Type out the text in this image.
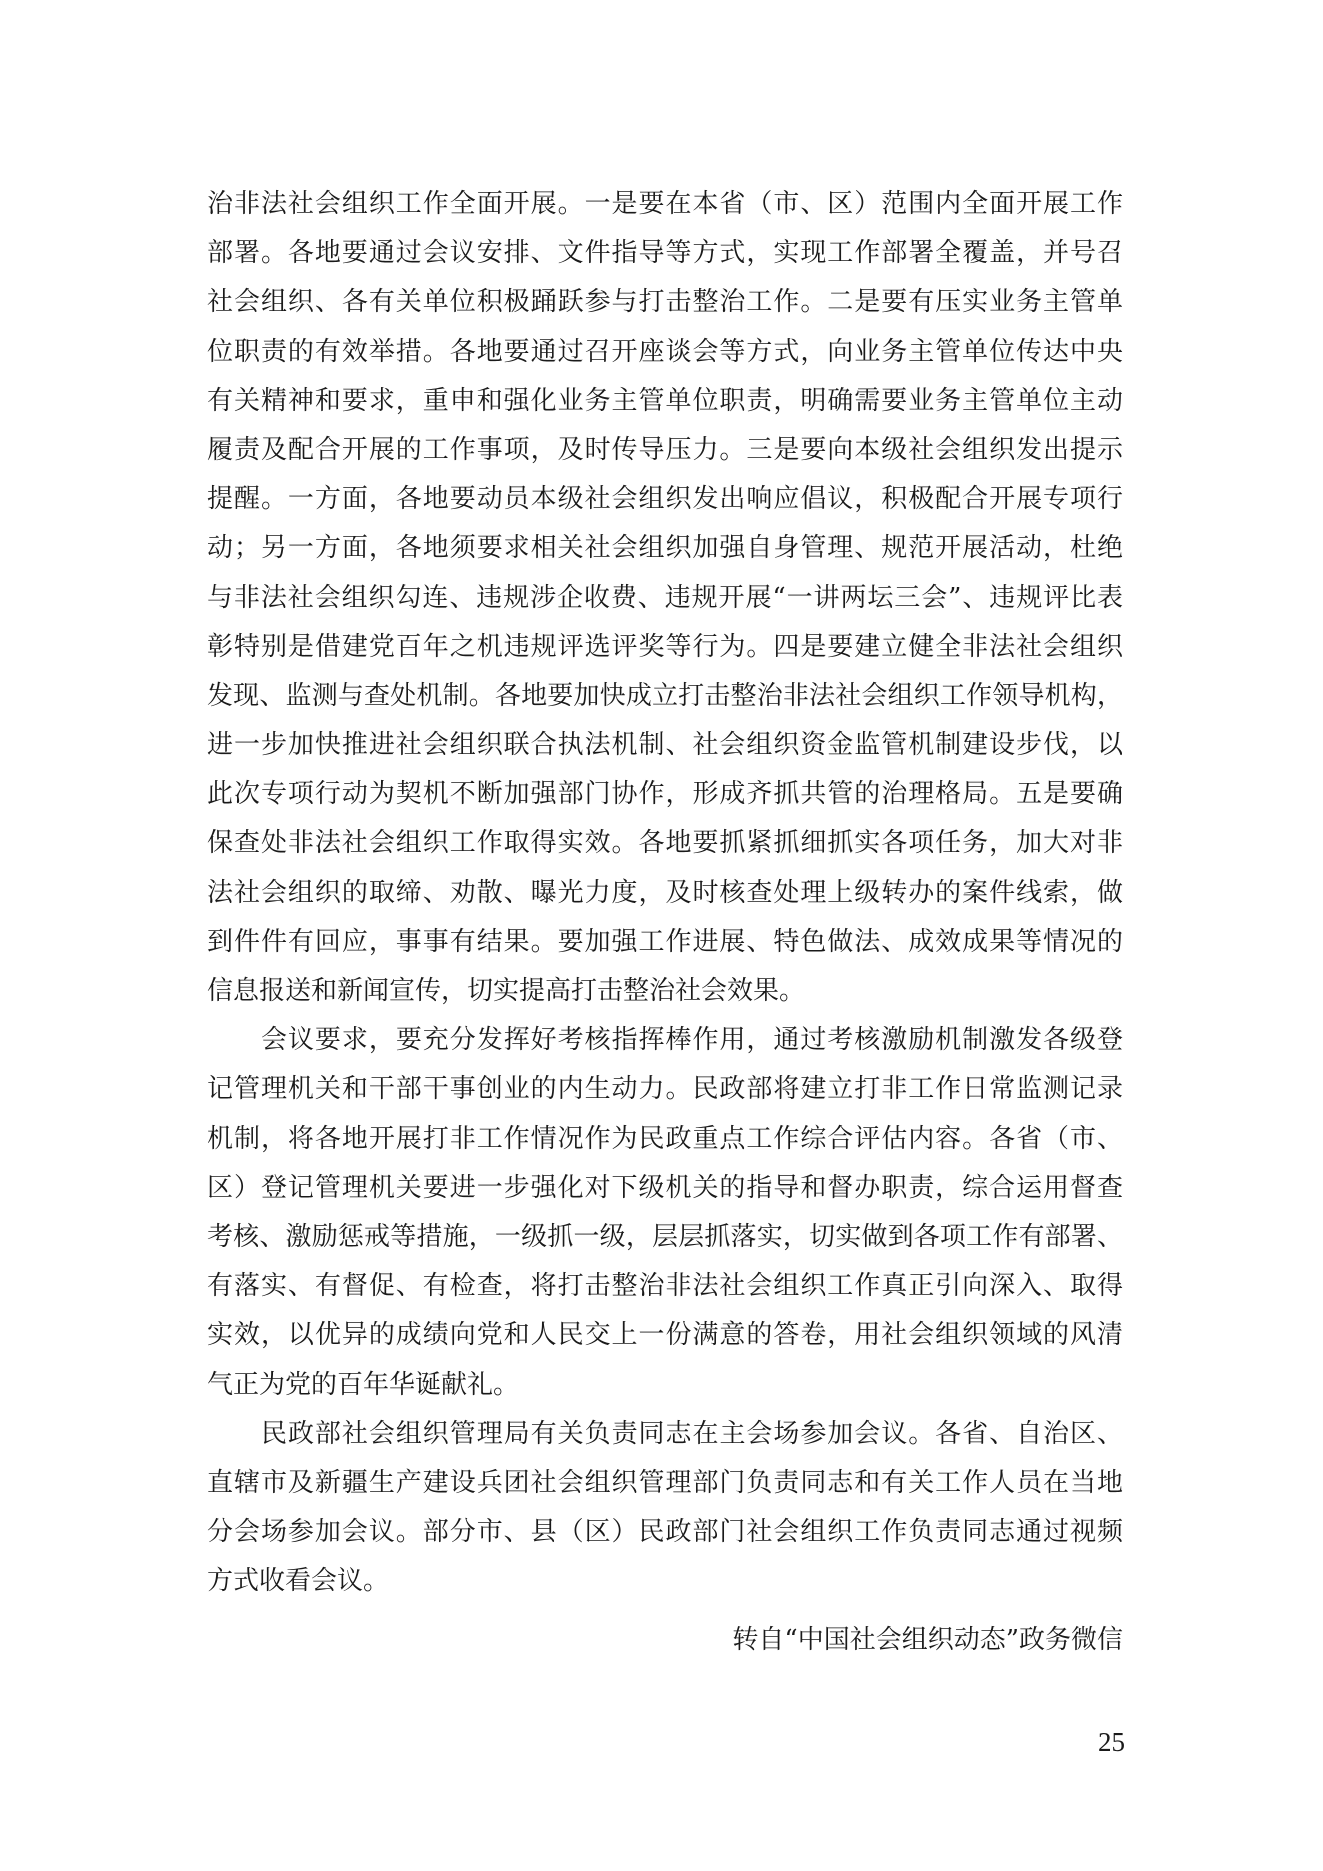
治非法社会组织工作全面开展。一是要在本省（市、区）范围内全面开展工作
部署。各地要通过会议安排、文件指导等方式，实现工作部署全覆盖，并号召
社会组织、各有关单位积极踊跃参与打击整治工作。二是要有压实业务主管单
位职责的有效举措。各地要通过召开座谈会等方式，向业务主管单位传达中央
有关精神和要求，重申和强化业务主管单位职责，明确需要业务主管单位主动
履责及配合开展的工作事项，及时传导压力。三是要向本级社会组织发出提示
提醒。一方面，各地要动员本级社会组织发出响应倡议，积极配合开展专项行
动；另一方面，各地须要求相关社会组织加强自身管理、规范开展活动，杜绝
与非法社会组织勾连、违规涉企收费、违规开展“一讲两坛三会”、违规评比表
彰特别是借建党百年之机违规评选评奖等行为。四是要建立健全非法社会组织
发现、监测与查处机制。各地要加快成立打击整治非法社会组织工作领导机构，
进一步加快推进社会组织联合执法机制、社会组织资金监管机制建设步伐，以
此次专项行动为契机不断加强部门协作，形成齐抓共管的治理格局。五是要确
保查处非法社会组织工作取得实效。各地要抓紧抓细抓实各项任务，加大对非
法社会组织的取缔、劝散、曝光力度，及时核查处理上级转办的案件线索，做
到件件有回应，事事有结果。要加强工作进展、特色做法、成效成果等情况的
信息报送和新闻宣传，切实提高打击整治社会效果。
会议要求，要充分发挥好考核指挥棒作用，通过考核激励机制激发各级登
记管理机关和干部干事创业的内生动力。民政部将建立打非工作日常监测记录
机制，将各地开展打非工作情况作为民政重点工作综合评估内容。各省（市、
区）登记管理机关要进一步强化对下级机关的指导和督办职责，综合运用督查
考核、激励惩戒等措施，一级抓一级，层层抓落实，切实做到各项工作有部署、
有落实、有督促、有检查，将打击整治非法社会组织工作真正引向深入、取得
实效，以优异的成绩向党和人民交上一份满意的答卷，用社会组织领域的风清
气正为党的百年华诞献礼。
民政部社会组织管理局有关负责同志在主会场参加会议。各省、自治区、
直辖市及新疆生产建设兵团社会组织管理部门负责同志和有关工作人员在当地
分会场参加会议。部分市、县（区）民政部门社会组织工作负责同志通过视频
方式收看会议。
转自“中国社会组织动态”政务微信
25
